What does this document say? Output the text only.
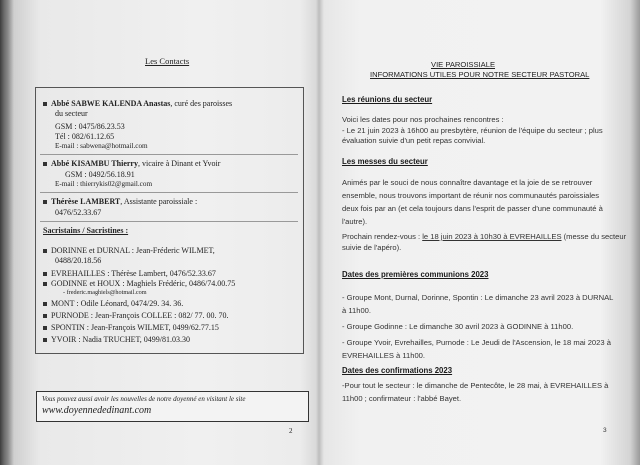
Les Contacts
Abbé SABWE KALENDA Anastas, curé des paroisses
du secteur
GSM : 0475/86.23.53
Tél : 082/61.12.65
E-mail : sabwena@hotmail.com
Abbé KISAMBU Thierry, vicaire à Dinant et Yvoir
GSM : 0492/56.18.91
E-mail : thierrykis02@gmail.com
Thérèse LAMBERT, Assistante paroissiale :
0476/52.33.67
Sacristains / Sacristines :
DORINNE et DURNAL : Jean-Fréderic WILMET,
0488/20.18.56
EVREHAILLES : Thérèse Lambert, 0476/52.33.67
GODINNE et HOUX : Maghiels Frédéric, 0486/74.00.75
- frederic.maghiels@hotmail.com
MONT : Odile Léonard, 0474/29. 34. 36.
PURNODE : Jean-François COLLEE : 082/ 77. 00. 70.
SPONTIN : Jean-François WILMET, 0499/62.77.15
YVOIR : Nadia TRUCHET, 0499/81.03.30
Vous pouvez aussi avoir les nouvelles de notre doyenné en visitant le site
www.doyennededinant.com
2
VIE PAROISSIALE
INFORMATIONS UTILES POUR NOTRE SECTEUR PASTORAL
Les réunions du secteur
Voici les dates pour nos prochaines rencontres :
- Le 21 juin 2023 à 16h00 au presbytère, réunion de l'équipe du secteur ; plus
évaluation suivie d'un petit repas convivial.
Les messes du secteur
Animés par le souci de nous connaître davantage et la joie de se retrouver
ensemble, nous trouvons important de réunir nos communautés paroissiales
deux fois par an (et cela toujours dans l'esprit de passer d'une communauté à
l'autre).
Prochain rendez-vous : le 18 juin 2023 à 10h30 à EVREHAILLES (messe du secteur
suivie de l'apéro).
Dates des premières communions 2023
- Groupe Mont, Durnal, Dorinne, Spontin : Le dimanche 23 avril 2023 à DURNAL
à 11h00.
- Groupe Godinne : Le dimanche 30 avril 2023 à GODINNE à 11h00.
- Groupe Yvoir, Evrehailles, Purnode : Le Jeudi de l'Ascension, le 18 mai 2023 à
EVREHAILLES à 11h00.
Dates des confirmations 2023
-Pour tout le secteur : le dimanche de Pentecôte, le 28 mai, à EVREHAILLES à
11h00 ; confirmateur : l'abbé Bayet.
3
